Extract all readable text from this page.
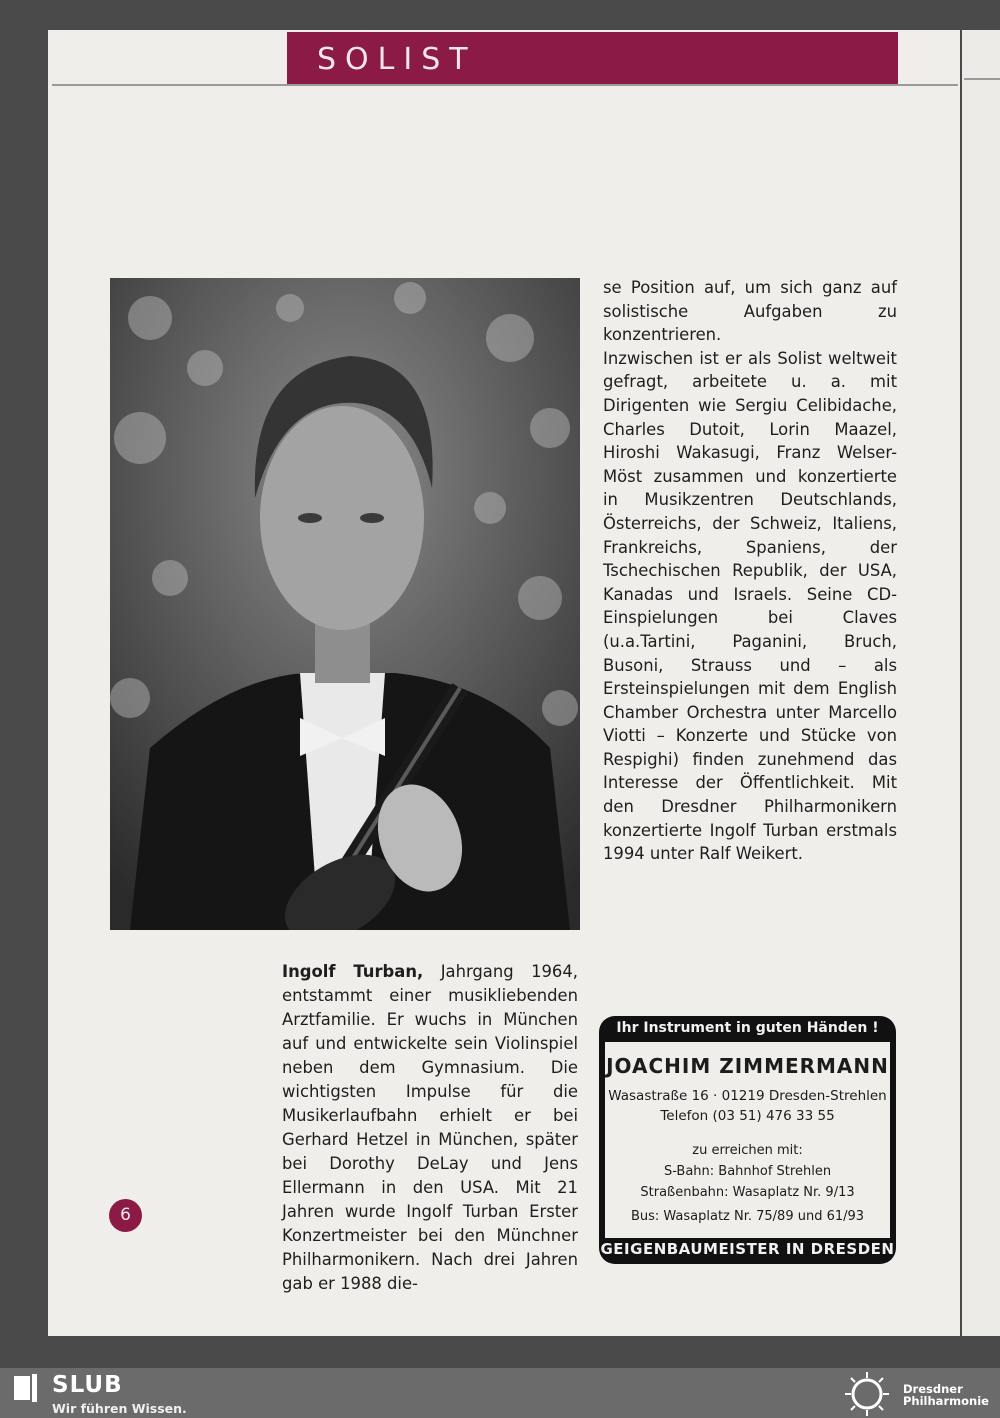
SOLIST

se Position auf, um sich ganz auf solistische Aufgaben zu konzentrieren.

Inzwischen ist er als Solist weltweit gefragt, arbeitete u. a. mit Dirigenten wie Sergiu Celibidache, Charles Dutoit, Lorin Maazel, Hiroshi Wakasugi, Franz Welser-Möst zusammen und konzertierte in Musikzentren Deutschlands, Österreichs, der Schweiz, Italiens, Frankreichs, Spaniens, der Tschechischen Republik, der USA, Kanadas und Israels. Seine CD-Einspielungen bei Claves (u.a.Tartini, Paganini, Bruch, Busoni, Strauss und – als Ersteinspielungen mit dem English Chamber Orchestra unter Marcello Viotti – Konzerte und Stücke von Respighi) finden zunehmend das Interesse der Öffentlichkeit. Mit den Dresdner Philharmonikern konzertierte Ingolf Turban erstmals 1994 unter Ralf Weikert.

Ingolf Turban, Jahrgang 1964, entstammt einer musikliebenden Arztfamilie. Er wuchs in München auf und entwickelte sein Violinspiel neben dem Gymnasium. Die wichtigsten Impulse für die Musikerlaufbahn erhielt er bei Gerhard Hetzel in München, später bei Dorothy DeLay und Jens Ellermann in den USA. Mit 21 Jahren wurde Ingolf Turban Erster Konzertmeister bei den Münchner Philharmonikern. Nach drei Jahren gab er 1988 die-

6
Ihr Instrument in guten Händen !
JOACHIM ZIMMERMANN
Wasastraße 16 · 01219 Dresden-Strehlen
Telefon (03 51) 476 33 55
zu erreichen mit:
S-Bahn: Bahnhof Strehlen
Straßenbahn: Wasaplatz Nr. 9/13
Bus: Wasaplatz Nr. 75/89 und 61/93
GEIGENBAUMEISTER IN DRESDEN
SLUB
Wir führen Wissen.
Dresdner
Philharmonie
